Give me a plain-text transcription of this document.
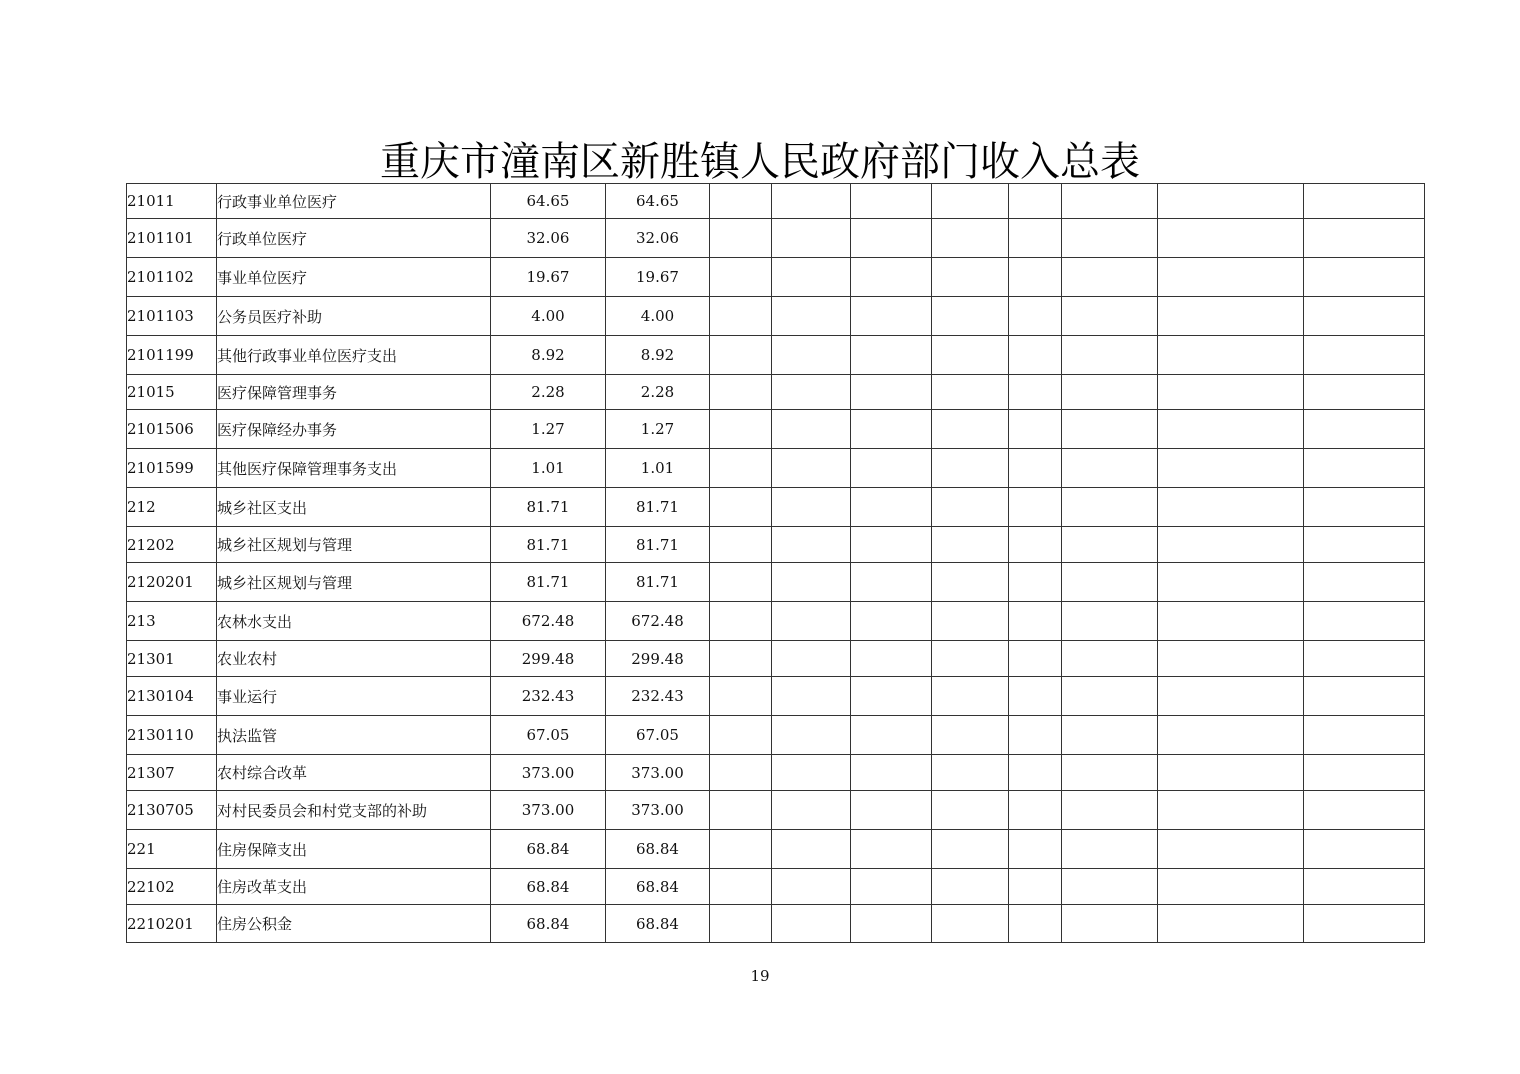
重庆市潼南区新胜镇人民政府部门收入总表
21011	行政事业单位医疗	64.65	64.65								
2101101	行政单位医疗	32.06	32.06								
2101102	事业单位医疗	19.67	19.67								
2101103	公务员医疗补助	4.00	4.00								
2101199	其他行政事业单位医疗支出	8.92	8.92								
21015	医疗保障管理事务	2.28	2.28								
2101506	医疗保障经办事务	1.27	1.27								
2101599	其他医疗保障管理事务支出	1.01	1.01								
212	城乡社区支出	81.71	81.71								
21202	城乡社区规划与管理	81.71	81.71								
2120201	城乡社区规划与管理	81.71	81.71								
213	农林水支出	672.48	672.48								
21301	农业农村	299.48	299.48								
2130104	事业运行	232.43	232.43								
2130110	执法监管	67.05	67.05								
21307	农村综合改革	373.00	373.00								
2130705	对村民委员会和村党支部的补助	373.00	373.00								
221	住房保障支出	68.84	68.84								
22102	住房改革支出	68.84	68.84								
2210201	住房公积金	68.84	68.84								
19
